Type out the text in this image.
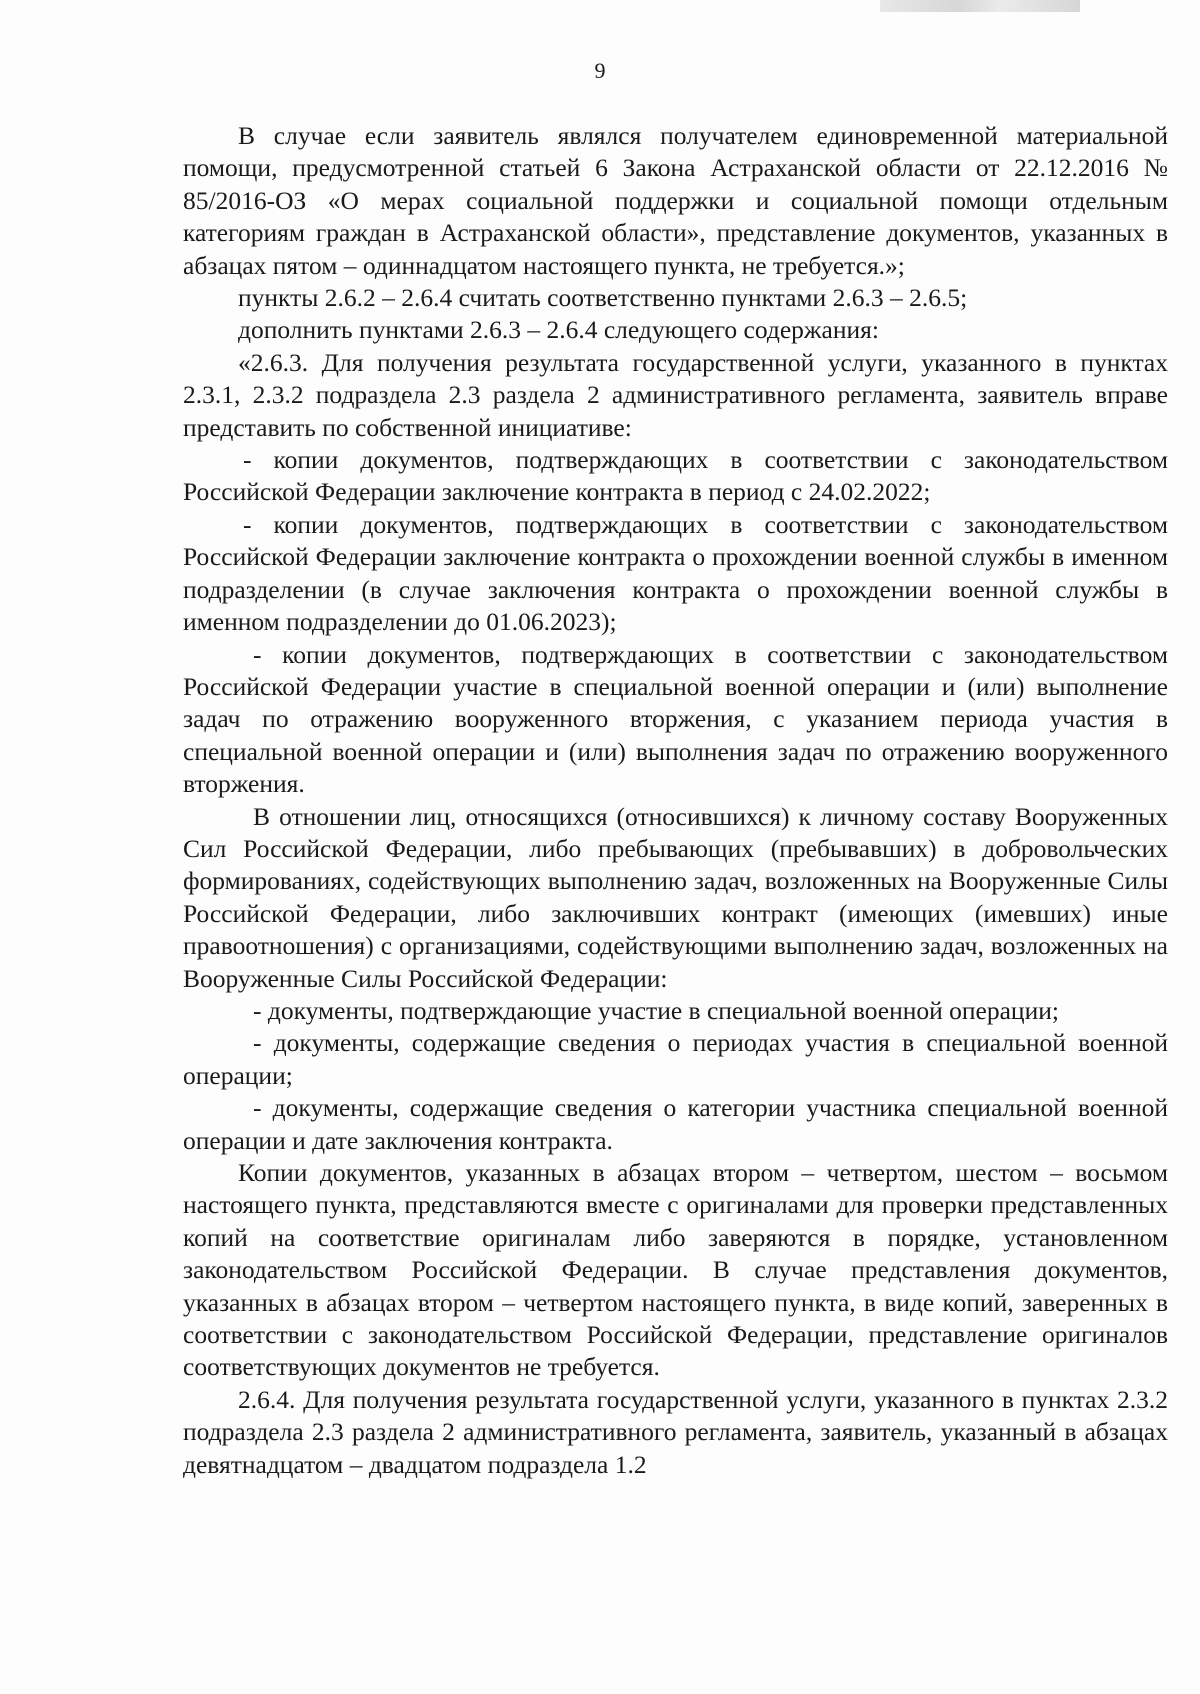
9

В случае если заявитель являлся получателем единовременной материальной помощи, предусмотренной статьей 6 Закона Астраханской области от 22.12.2016 № 85/2016-ОЗ «О мерах социальной поддержки и социальной помощи отдельным категориям граждан в Астраханской области», представление документов, указанных в абзацах пятом – одиннадцатом настоящего пункта, не требуется.»;

пункты 2.6.2 – 2.6.4 считать соответственно пунктами 2.6.3 – 2.6.5;

дополнить пунктами 2.6.3 – 2.6.4 следующего содержания:

«2.6.3. Для получения результата государственной услуги, указанного в пунктах 2.3.1, 2.3.2 подраздела 2.3 раздела 2 административного регламента, заявитель вправе представить по собственной инициативе:

- копии документов, подтверждающих в соответствии с законодательством Российской Федерации заключение контракта в период с 24.02.2022;

- копии документов, подтверждающих в соответствии с законодательством Российской Федерации заключение контракта о прохождении военной службы в именном подразделении (в случае заключения контракта о прохождении военной службы в именном подразделении до 01.06.2023);

- копии документов, подтверждающих в соответствии с законодательством Российской Федерации участие в специальной военной операции и (или) выполнение задач по отражению вооруженного вторжения, с указанием периода участия в специальной военной операции и (или) выполнения задач по отражению вооруженного вторжения.

В отношении лиц, относящихся (относившихся) к личному составу Вооруженных Сил Российской Федерации, либо пребывающих (пребывавших) в добровольческих формированиях, содействующих выполнению задач, возложенных на Вооруженные Силы Российской Федерации, либо заключивших контракт (имеющих (имевших) иные правоотношения) с организациями, содействующими выполнению задач, возложенных на Вооруженные Силы Российской Федерации:

- документы, подтверждающие участие в специальной военной операции;

- документы, содержащие сведения о периодах участия в специальной военной операции;

- документы, содержащие сведения о категории участника специальной военной операции и дате заключения контракта.

Копии документов, указанных в абзацах втором – четвертом, шестом – восьмом настоящего пункта, представляются вместе с оригиналами для проверки представленных копий на соответствие оригиналам либо заверяются в порядке, установленном законодательством Российской Федерации. В случае представления документов, указанных в абзацах втором – четвертом настоящего пункта, в виде копий, заверенных в соответствии с законодательством Российской Федерации, представление оригиналов соответствующих документов не требуется.

2.6.4. Для получения результата государственной услуги, указанного в пунктах 2.3.2 подраздела 2.3 раздела 2 административного регламента, заявитель, указанный в абзацах девятнадцатом – двадцатом подраздела 1.2
